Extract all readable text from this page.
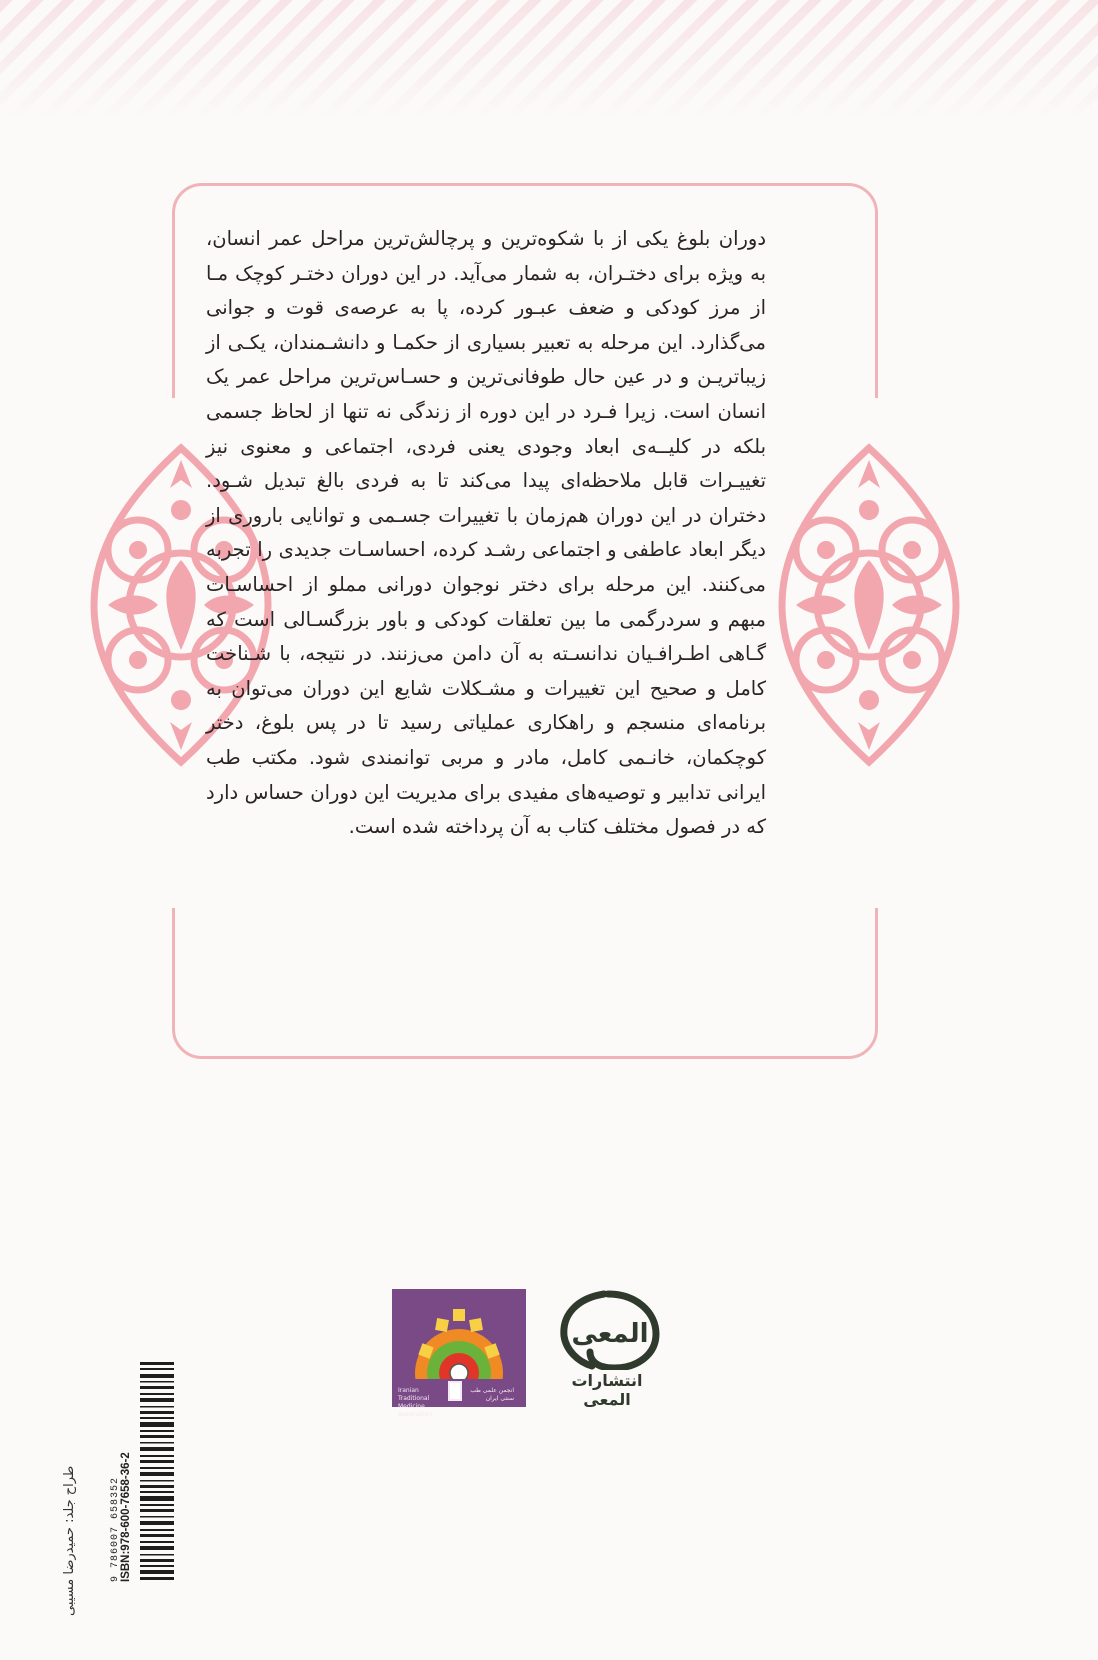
دوران بلوغ یکی از با شکوه‌ترین و پرچالش‌ترین مراحل عمر انسان، به ویژه برای دختـران، به شمار می‌آید. در این دوران دختـر کوچک مـا از مرز کودکی و ضعف عبـور کرده، پا به عرصه‌ی قوت و جوانی می‌گذارد. این مرحله به تعبیر بسیاری از حکمـا و دانشـمندان، یکـی از زیباتریـن و در عین حال طوفانی‌ترین و حسـاس‌ترین مراحل عمر یک انسان است. زیرا فـرد در این دوره از زندگی نه تنها از لحاظ جسمی بلکه در کلیــه‌ی ابعاد وجودی یعنی فردی، اجتماعی و معنوی نیز تغییـرات قابل ملاحظه‌ای پیدا می‌کند تا به فردی بالغ تبدیل شـود. دختران در این دوران هم‌زمان با تغییرات جسـمی و توانایی باروری از دیگر ابعاد عاطفی و اجتماعی رشـد کرده، احساسـات جدیدی را تجربه می‌کنند. این مرحله برای دختر نوجوان دورانی مملو از احساسـات مبهم و سردرگمی ما بین تعلقات کودکی و باور بزرگسـالی است که گـاهی اطـرافـیان ندانسـته به آن دامن می‌زنند. در نتیجه، با شـناخت کامل و صحیح این تغییرات و مشـکلات شایع این دوران می‌توان به برنامه‌ای منسجم و راهکاری عملیاتی رسید تا در پس بلوغ، دختر کوچکمان، خانـمی کامل، مادر و مربی توانمندی شود. مکتب طب ایرانی تدابیر و توصیه‌های مفیدی برای مدیریت این دوران حساس دارد که در فصول مختلف کتاب به آن پرداخته شده است.

Iranian Traditional Medicine Association
انجمن علمی طب سنتی ایران
المعی
انتشارات المعی
ISBN:978-600-7658-36-2
9 786007 658352
طراح جلد: حمیدرضا مسیبی
